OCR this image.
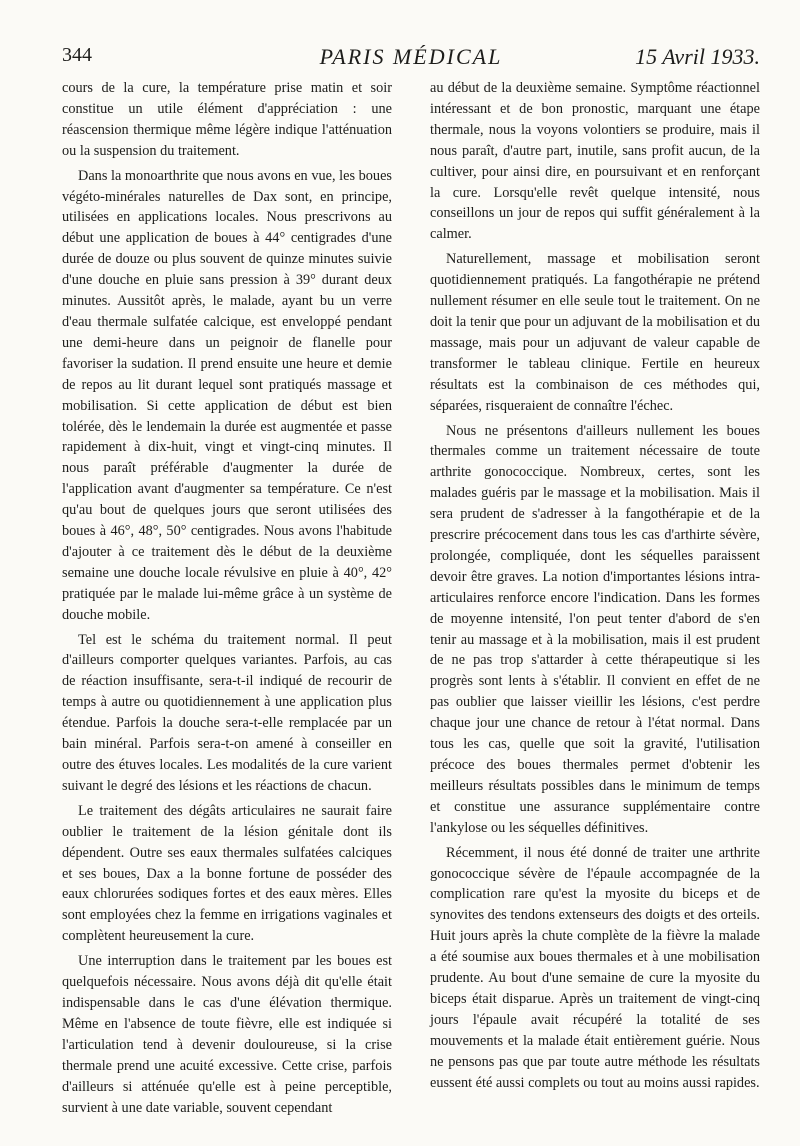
344	PARIS MÉDICAL	15 Avril 1933.

cours de la cure, la température prise matin et soir constitue un utile élément d'appréciation : une réascension thermique même légère indique l'atténuation ou la suspension du traitement.

Dans la monoarthrite que nous avons en vue, les boues végéto-minérales naturelles de Dax sont, en principe, utilisées en applications locales. Nous prescrivons au début une application de boues à 44° centigrades d'une durée de douze ou plus souvent de quinze minutes suivie d'une douche en pluie sans pression à 39° durant deux minutes. Aussitôt après, le malade, ayant bu un verre d'eau thermale sulfatée calcique, est enveloppé pendant une demi-heure dans un peignoir de flanelle pour favoriser la sudation. Il prend ensuite une heure et demie de repos au lit durant lequel sont pratiqués massage et mobilisation. Si cette application de début est bien tolérée, dès le lendemain la durée est augmentée et passe rapidement à dix-huit, vingt et vingt-cinq minutes. Il nous paraît préférable d'augmenter la durée de l'application avant d'augmenter sa température. Ce n'est qu'au bout de quelques jours que seront utilisées des boues à 46°, 48°, 50° centigrades. Nous avons l'habitude d'ajouter à ce traitement dès le début de la deuxième semaine une douche locale révulsive en pluie à 40°, 42° pratiquée par le malade lui-même grâce à un système de douche mobile.

Tel est le schéma du traitement normal. Il peut d'ailleurs comporter quelques variantes. Parfois, au cas de réaction insuffisante, sera-t-il indiqué de recourir de temps à autre ou quotidiennement à une application plus étendue. Parfois la douche sera-t-elle remplacée par un bain minéral. Parfois sera-t-on amené à conseiller en outre des étuves locales. Les modalités de la cure varient suivant le degré des lésions et les réactions de chacun.

Le traitement des dégâts articulaires ne saurait faire oublier le traitement de la lésion génitale dont ils dépendent. Outre ses eaux thermales sulfatées calciques et ses boues, Dax a la bonne fortune de posséder des eaux chlorurées sodiques fortes et des eaux mères. Elles sont employées chez la femme en irrigations vaginales et complètent heureusement la cure.

Une interruption dans le traitement par les boues est quelquefois nécessaire. Nous avons déjà dit qu'elle était indispensable dans le cas d'une élévation thermique. Même en l'absence de toute fièvre, elle est indiquée si l'articulation tend à devenir douloureuse, si la crise thermale prend une acuité excessive. Cette crise, parfois d'ailleurs si atténuée qu'elle est à peine perceptible, survient à une date variable, souvent cependant

au début de la deuxième semaine. Symptôme réactionnel intéressant et de bon pronostic, marquant une étape thermale, nous la voyons volontiers se produire, mais il nous paraît, d'autre part, inutile, sans profit aucun, de la cultiver, pour ainsi dire, en poursuivant et en renforçant la cure. Lorsqu'elle revêt quelque intensité, nous conseillons un jour de repos qui suffit généralement à la calmer.

Naturellement, massage et mobilisation seront quotidiennement pratiqués. La fangothérapie ne prétend nullement résumer en elle seule tout le traitement. On ne doit la tenir que pour un adjuvant de la mobilisation et du massage, mais pour un adjuvant de valeur capable de transformer le tableau clinique. Fertile en heureux résultats est la combinaison de ces méthodes qui, séparées, risqueraient de connaître l'échec.

Nous ne présentons d'ailleurs nullement les boues thermales comme un traitement nécessaire de toute arthrite gonococcique. Nombreux, certes, sont les malades guéris par le massage et la mobilisation. Mais il sera prudent de s'adresser à la fangothérapie et de la prescrire précocement dans tous les cas d'arthirte sévère, prolongée, compliquée, dont les séquelles paraissent devoir être graves. La notion d'importantes lésions intra-articulaires renforce encore l'indication. Dans les formes de moyenne intensité, l'on peut tenter d'abord de s'en tenir au massage et à la mobilisation, mais il est prudent de ne pas trop s'attarder à cette thérapeutique si les progrès sont lents à s'établir. Il convient en effet de ne pas oublier que laisser vieillir les lésions, c'est perdre chaque jour une chance de retour à l'état normal. Dans tous les cas, quelle que soit la gravité, l'utilisation précoce des boues thermales permet d'obtenir les meilleurs résultats possibles dans le minimum de temps et constitue une assurance supplémentaire contre l'ankylose ou les séquelles définitives.

Récemment, il nous été donné de traiter une arthrite gonococcique sévère de l'épaule accompagnée de la complication rare qu'est la myosite du biceps et de synovites des tendons extenseurs des doigts et des orteils. Huit jours après la chute complète de la fièvre la malade a été soumise aux boues thermales et à une mobilisation prudente. Au bout d'une semaine de cure la myosite du biceps était disparue. Après un traitement de vingt-cinq jours l'épaule avait récupéré la totalité de ses mouvements et la malade était entièrement guérie. Nous ne pensons pas que par toute autre méthode les résultats eussent été aussi complets ou tout au moins aussi rapides.
